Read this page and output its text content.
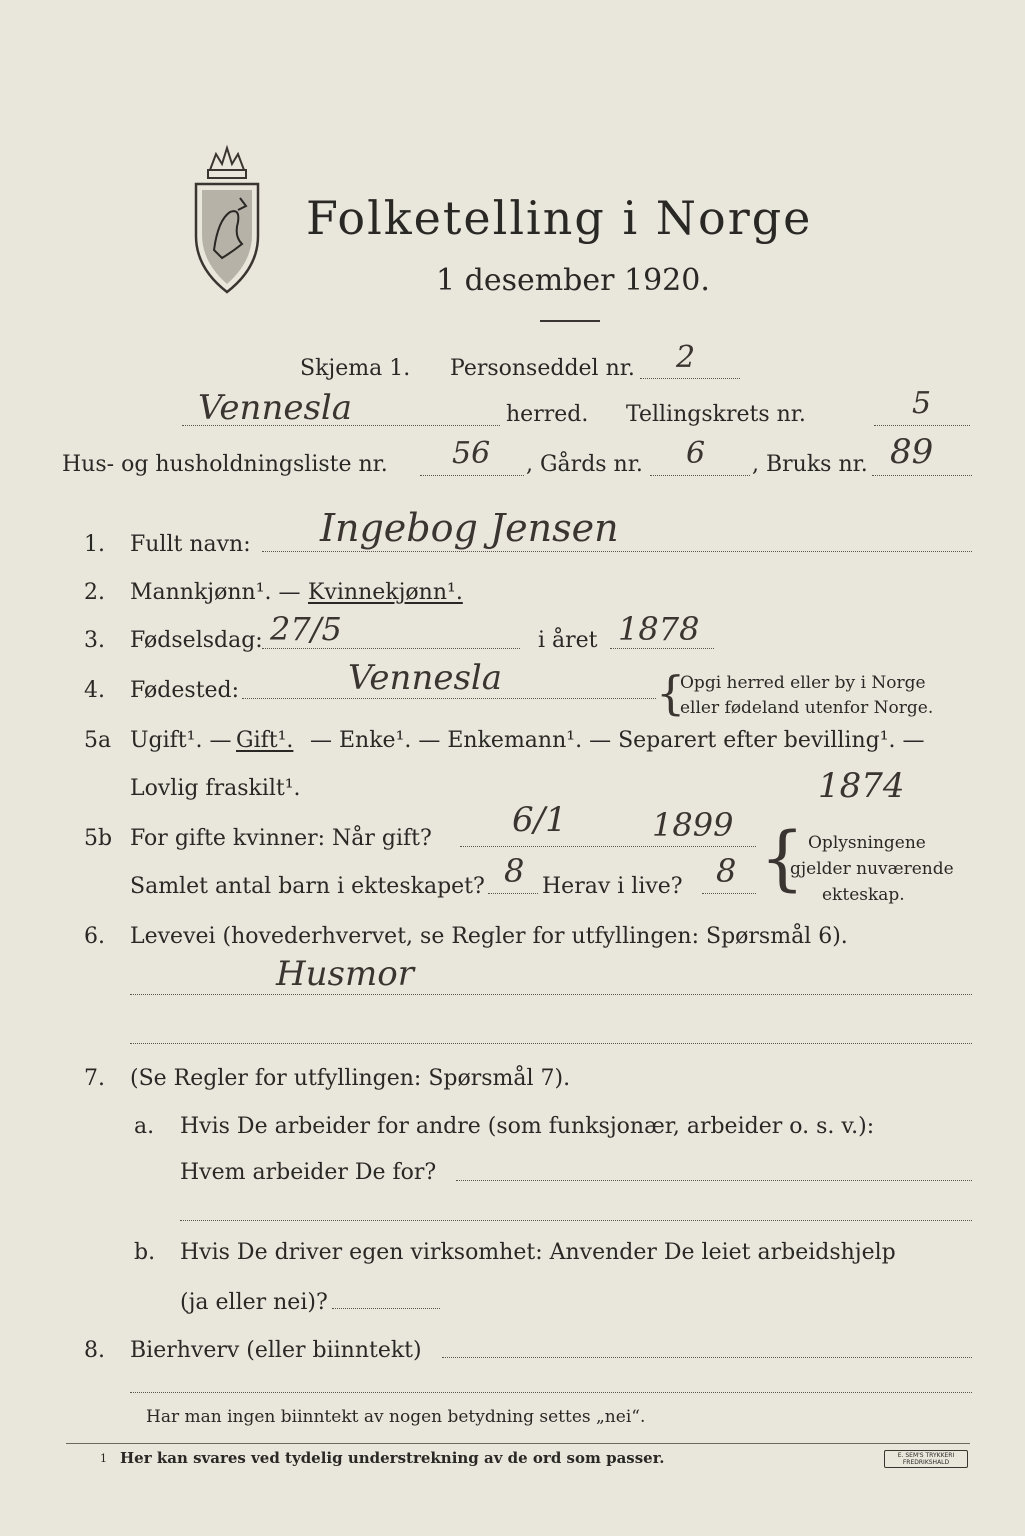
Folketelling i Norge
1 desember 1920.
Skjema 1. Personseddel nr. 2
Vennesla	herred. Tellingskrets nr.	5
Hus- og husholdningsliste nr. 56 , Gårds nr. 6 , Bruks nr. 89
1. Fullt navn: Ingebog Jensen
2. Mannkjønn¹. — Kvinnekjønn¹.
3. Fødselsdag: 27/5	i året 1878
4. Fødested:	Vennesla	{
Opgi herred eller by i Norge
eller fødeland utenfor Norge.
5a Ugift¹. — Gift¹. — Enke¹. — Enkemann¹. — Separert efter bevilling¹. —
Lovlig fraskilt¹.
5b For gifte kvinner: Når gift? 6/1	1899
1874
Samlet antal barn i ekteskapet? 8 Herav i live? 8 { Oplysningene
gjelder nuværende
ekteskap.
6. Levevei (hovederhvervet, se Regler for utfyllingen: Spørsmål 6).
Husmor
7. (Se Regler for utfyllingen: Spørsmål 7).
a. Hvis De arbeider for andre (som funksjonær, arbeider o. s. v.):
Hvem arbeider De for?
b. Hvis De driver egen virksomhet: Anvender De leiet arbeidshjelp
(ja eller nei)?
8. Bierhverv (eller biinntekt)
Har man ingen biinntekt av nogen betydning settes „nei“.
1 Her kan svares ved tydelig understrekning av de ord som passer.	E. SEM'S TRYKKERI FREDRIKSHALD
